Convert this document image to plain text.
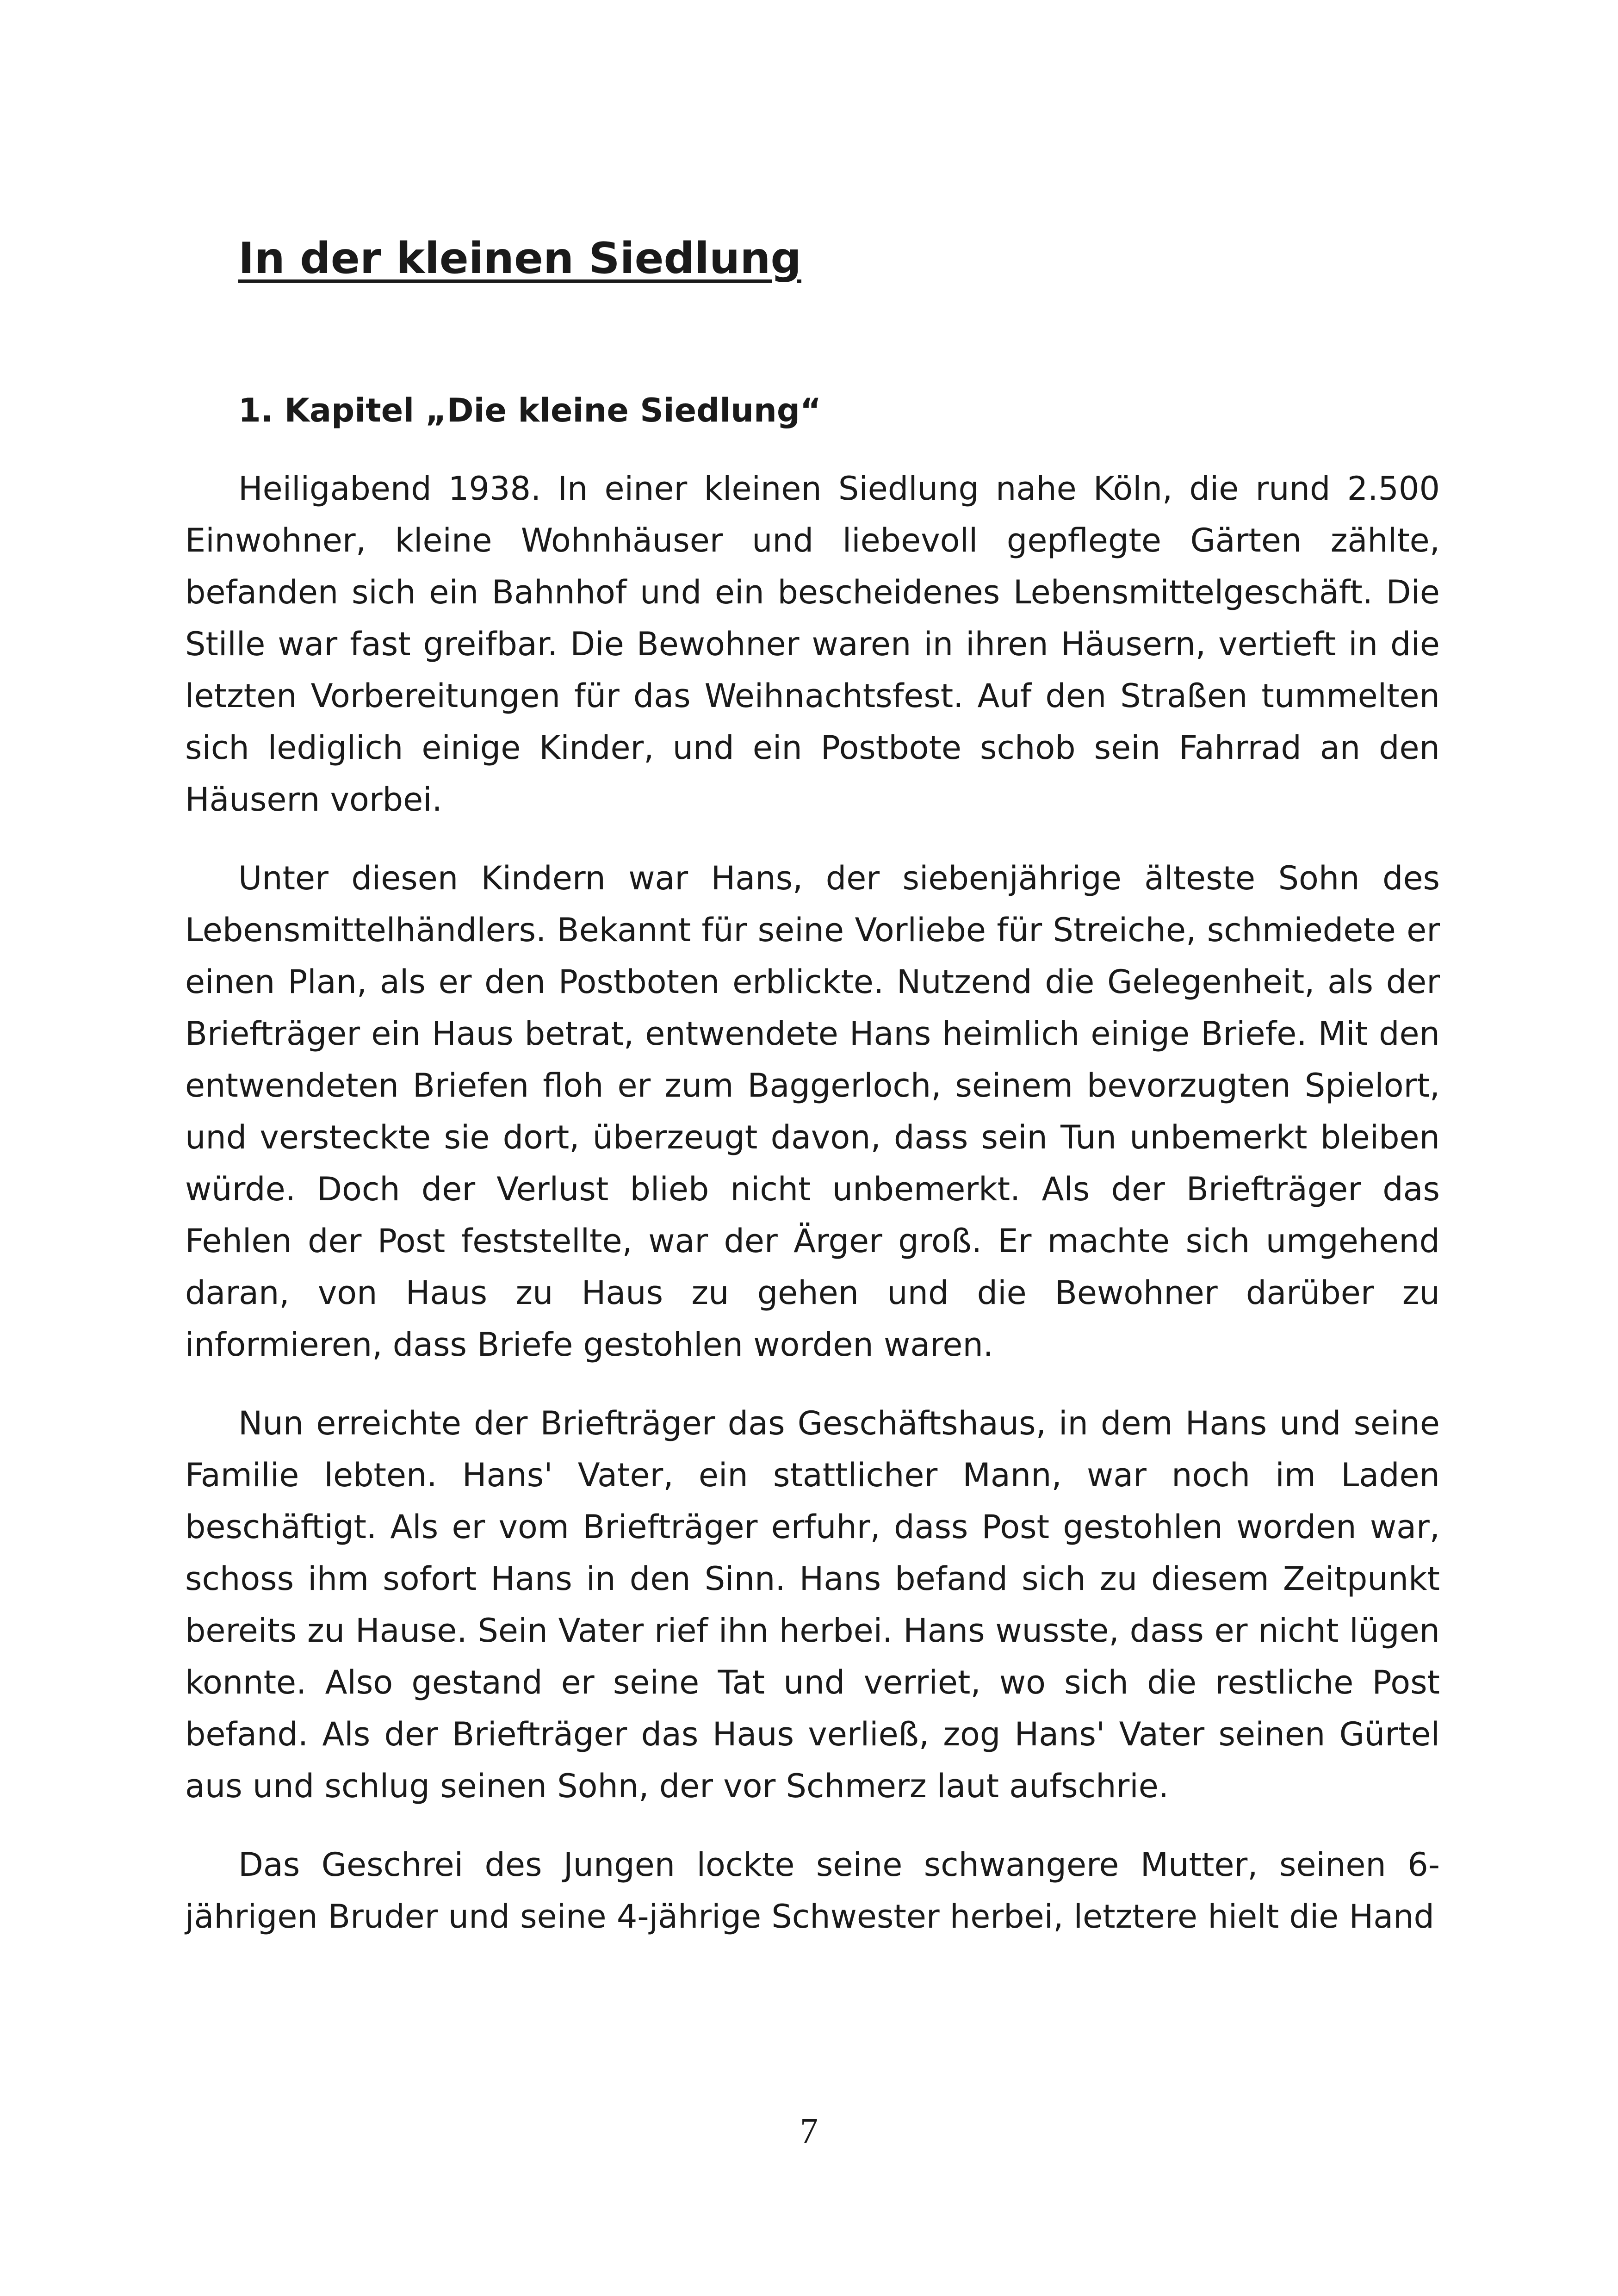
In der kleinen Siedlung
1. Kapitel „Die kleine Siedlung“

Heiligabend 1938. In einer kleinen Siedlung nahe Köln, die rund 2.500 Einwohner, kleine Wohnhäuser und liebevoll gepflegte Gärten zählte, befanden sich ein Bahnhof und ein bescheidenes Lebensmittelgeschäft. Die Stille war fast greifbar. Die Bewohner waren in ihren Häusern, vertieft in die letzten Vorbereitungen für das Weihnachtsfest. Auf den Straßen tummelten sich lediglich einige Kinder, und ein Postbote schob sein Fahrrad an den Häusern vorbei.

Unter diesen Kindern war Hans, der siebenjährige älteste Sohn des Lebensmittelhändlers. Bekannt für seine Vorliebe für Streiche, schmiedete er einen Plan, als er den Postboten erblickte. Nutzend die Gelegenheit, als der Briefträger ein Haus betrat, entwendete Hans heimlich einige Briefe. Mit den entwendeten Briefen floh er zum Baggerloch, seinem bevorzugten Spielort, und versteckte sie dort, überzeugt davon, dass sein Tun unbemerkt bleiben würde. Doch der Verlust blieb nicht unbemerkt. Als der Briefträger das Fehlen der Post feststellte, war der Ärger groß. Er machte sich umgehend daran, von Haus zu Haus zu gehen und die Bewohner darüber zu informieren, dass Briefe gestohlen worden waren.

Nun erreichte der Briefträger das Geschäftshaus, in dem Hans und seine Familie lebten. Hans' Vater, ein stattlicher Mann, war noch im Laden beschäftigt. Als er vom Briefträger erfuhr, dass Post gestohlen worden war, schoss ihm sofort Hans in den Sinn. Hans befand sich zu diesem Zeitpunkt bereits zu Hause. Sein Vater rief ihn herbei. Hans wusste, dass er nicht lügen konnte. Also gestand er seine Tat und verriet, wo sich die restliche Post befand. Als der Briefträger das Haus verließ, zog Hans' Vater seinen Gürtel aus und schlug seinen Sohn, der vor Schmerz laut aufschrie.

Das Geschrei des Jungen lockte seine schwangere Mutter, seinen 6-jährigen Bruder und seine 4-jährige Schwester herbei, letztere hielt die Hand

7
